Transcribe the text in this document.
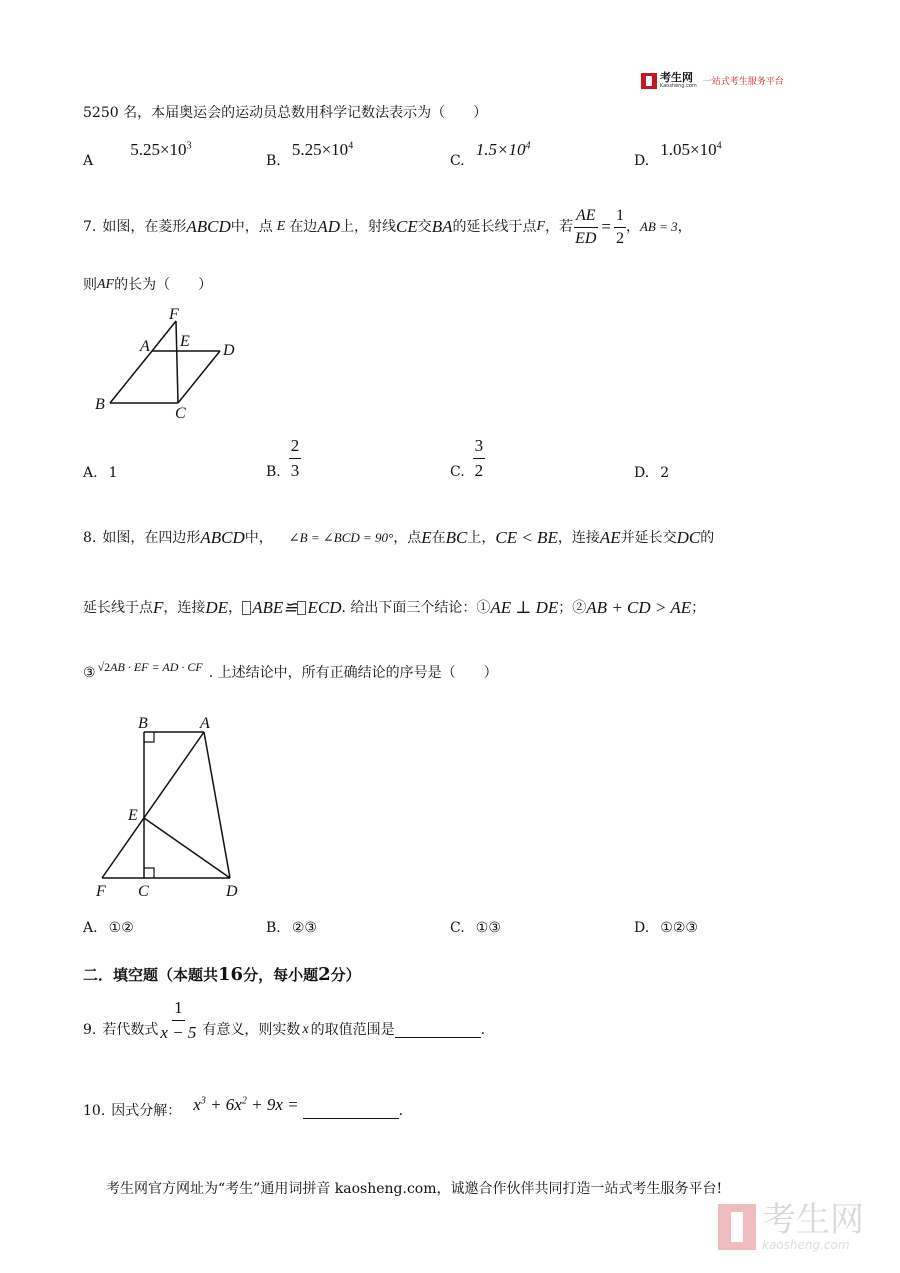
考生网
Kaosheng.com 一站式考生服务平台
5250 名，本届奥运会的运动员总数用科学记数法表示为（　　）
A $5.25\times 10^3$
B. $5.25\times 10^4$
C. $1.5\times 10^4$
D. $1.05\times 10^4$
7. 如图，在菱形 ABCD 中，点 E 在边 AD 上，射线 CE 交 BA 的延长线于点 F ，若 $\frac{AE}{ED} = \frac{1}{2}$ ， AB = 3 ，
则 AF 的长为（　　）
F
A E
D
B
C
A. 1	B. $\frac{2}{3}$	C. $\frac{3}{2}$	D. 2
8. 如图，在四边形 ABCD 中， ∠B = ∠BCD = 90° ，点 E 在 BC 上， CE < BE ，连接 AE 并延长交 DC 的
延长线于点 F ，连接 DE ， ABE≌ ECD . 给出下面三个结论：① AE ⊥ DE ；② AB + CD > AE ；
③ √2 AB · EF = AD · CF . 上述结论中，所有正确结论的序号是（　　）
B	A
E
F C	D
A. ①②	B. ②③	C. ①③	D. ①②③
二．填空题（本题共 16 分，每小题 2 分）
9. 若代数式 $\frac{1}{x - 5}$ 有意义，则实数 x 的取值范围是	.
10. 因式分解： $x^3 + 6x^2 + 9x$ =	.
考生网官方网址为“考生”通用词拼音 kaosheng.com，诚邀合作伙伴共同打造一站式考生服务平台!
考生网
kaosheng.com
